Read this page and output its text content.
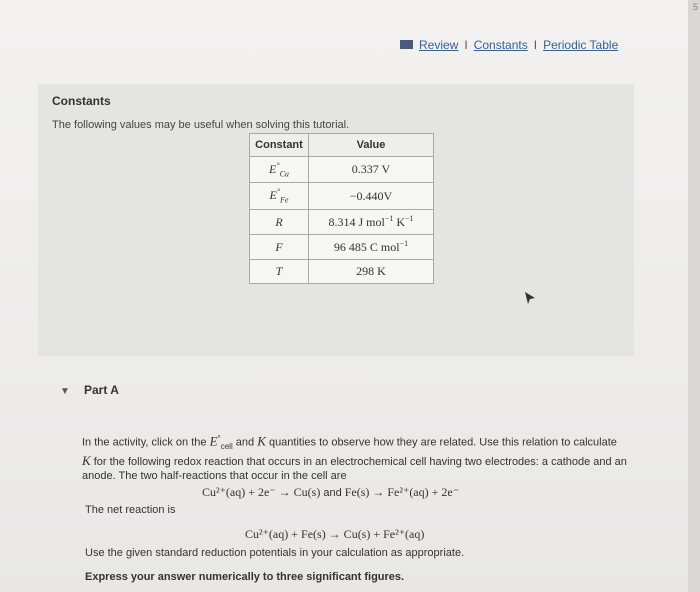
5
Review I Constants I Periodic Table
Constants
The following values may be useful when solving this tutorial.
Constant	Value
$E^\circ_{Cu}$	0.337 V
$E^\circ_{Fe}$	−0.440V
R	8.314 J mol$^{-1}$ $K^{-1}$
F	96 485 C mol$^{-1}$
T	298 K
▼ Part A
In the activity, click on the $E^\circ_{cell}$ and K quantities to observe how they are related. Use this relation to calculate K for the following redox reaction that occurs in an electrochemical cell having two electrodes: a cathode and an anode. The two half-reactions that occur in the cell are
Cu²⁺(aq) + 2e⁻ → Cu(s) and Fe(s) → Fe²⁺(aq) + 2e⁻
The net reaction is
Cu²⁺(aq) + Fe(s) → Cu(s) + Fe²⁺(aq)
Use the given standard reduction potentials in your calculation as appropriate.
Express your answer numerically to three significant figures.
